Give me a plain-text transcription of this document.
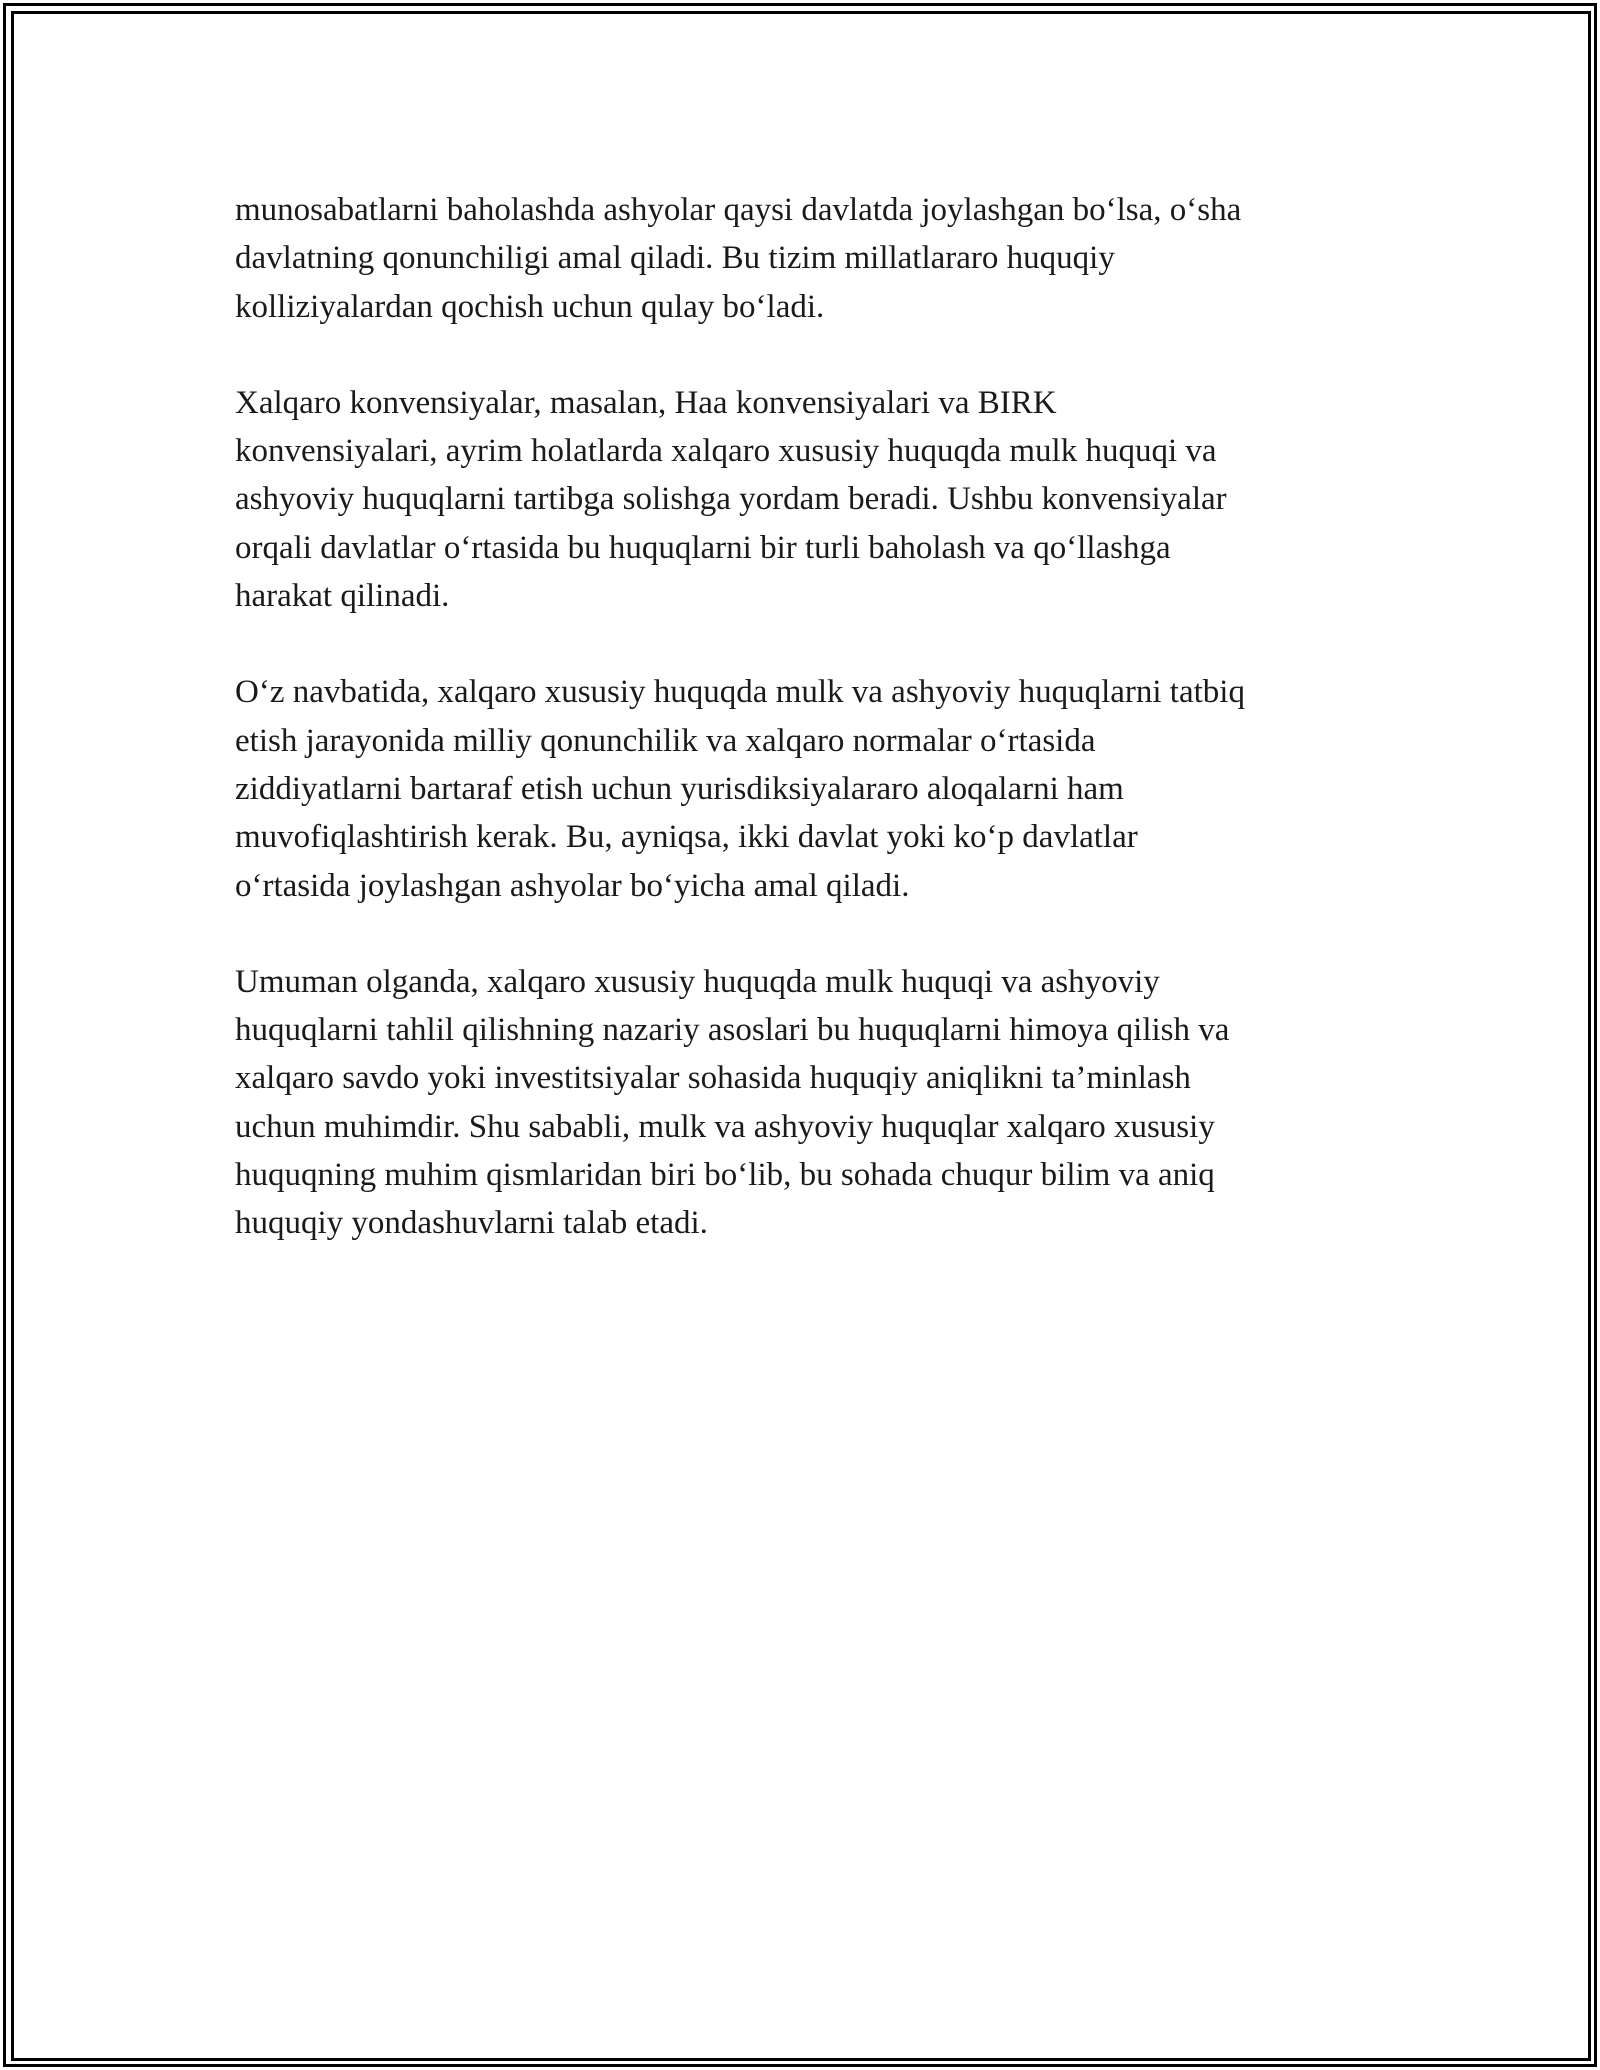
munosabatlarni baholashda ashyolar qaysi davlatda joylashgan bo‘lsa, o‘sha
davlatning qonunchiligi amal qiladi. Bu tizim millatlararo huquqiy
kolliziyalardan qochish uchun qulay bo‘ladi.

Xalqaro konvensiyalar, masalan, Haa konvensiyalari va BIRK
konvensiyalari, ayrim holatlarda xalqaro xususiy huquqda mulk huquqi va
ashyoviy huquqlarni tartibga solishga yordam beradi. Ushbu konvensiyalar
orqali davlatlar o‘rtasida bu huquqlarni bir turli baholash va qo‘llashga
harakat qilinadi.

O‘z navbatida, xalqaro xususiy huquqda mulk va ashyoviy huquqlarni tatbiq
etish jarayonida milliy qonunchilik va xalqaro normalar o‘rtasida
ziddiyatlarni bartaraf etish uchun yurisdiksiyalararo aloqalarni ham
muvofiqlashtirish kerak. Bu, ayniqsa, ikki davlat yoki ko‘p davlatlar
o‘rtasida joylashgan ashyolar bo‘yicha amal qiladi.

Umuman olganda, xalqaro xususiy huquqda mulk huquqi va ashyoviy
huquqlarni tahlil qilishning nazariy asoslari bu huquqlarni himoya qilish va
xalqaro savdo yoki investitsiyalar sohasida huquqiy aniqlikni ta’minlash
uchun muhimdir. Shu sababli, mulk va ashyoviy huquqlar xalqaro xususiy
huquqning muhim qismlaridan biri bo‘lib, bu sohada chuqur bilim va aniq
huquqiy yondashuvlarni talab etadi.
